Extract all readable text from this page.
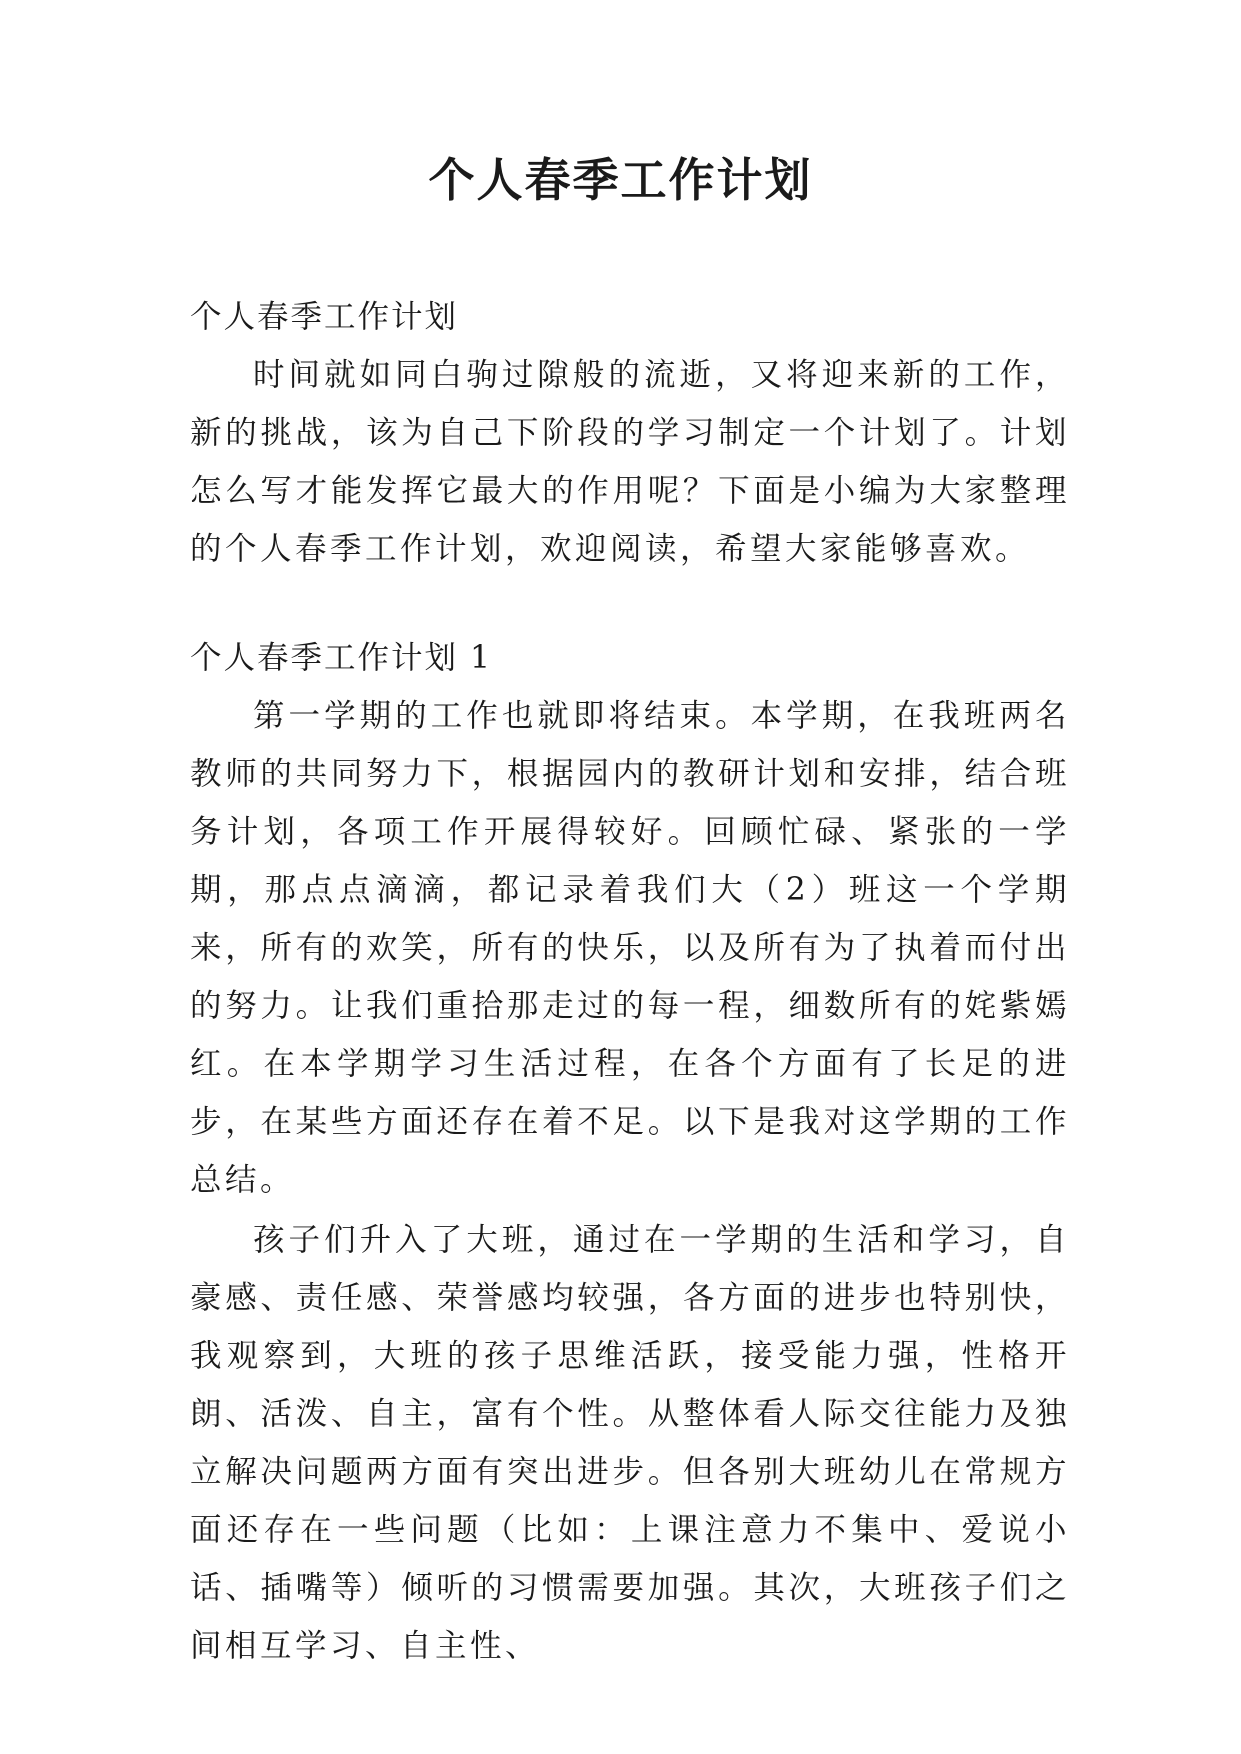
个人春季工作计划

个人春季工作计划

时间就如同白驹过隙般的流逝，又将迎来新的工作，新的挑战，该为自己下阶段的学习制定一个计划了。计划怎么写才能发挥它最大的作用呢？下面是小编为大家整理的个人春季工作计划，欢迎阅读，希望大家能够喜欢。

个人春季工作计划 1

第一学期的工作也就即将结束。本学期，在我班两名教师的共同努力下，根据园内的教研计划和安排，结合班务计划，各项工作开展得较好。回顾忙碌、紧张的一学期，那点点滴滴，都记录着我们大（2）班这一个学期来，所有的欢笑，所有的快乐，以及所有为了执着而付出的努力。让我们重拾那走过的每一程，细数所有的姹紫嫣红。在本学期学习生活过程，在各个方面有了长足的进步，在某些方面还存在着不足。以下是我对这学期的工作总结。

孩子们升入了大班，通过在一学期的生活和学习，自豪感、责任感、荣誉感均较强，各方面的进步也特别快，我观察到，大班的孩子思维活跃，接受能力强，性格开朗、活泼、自主，富有个性。从整体看人际交往能力及独立解决问题两方面有突出进步。但各别大班幼儿在常规方面还存在一些问题（比如：上课注意力不集中、爱说小话、插嘴等）倾听的习惯需要加强。其次，大班孩子们之间相互学习、自主性、
